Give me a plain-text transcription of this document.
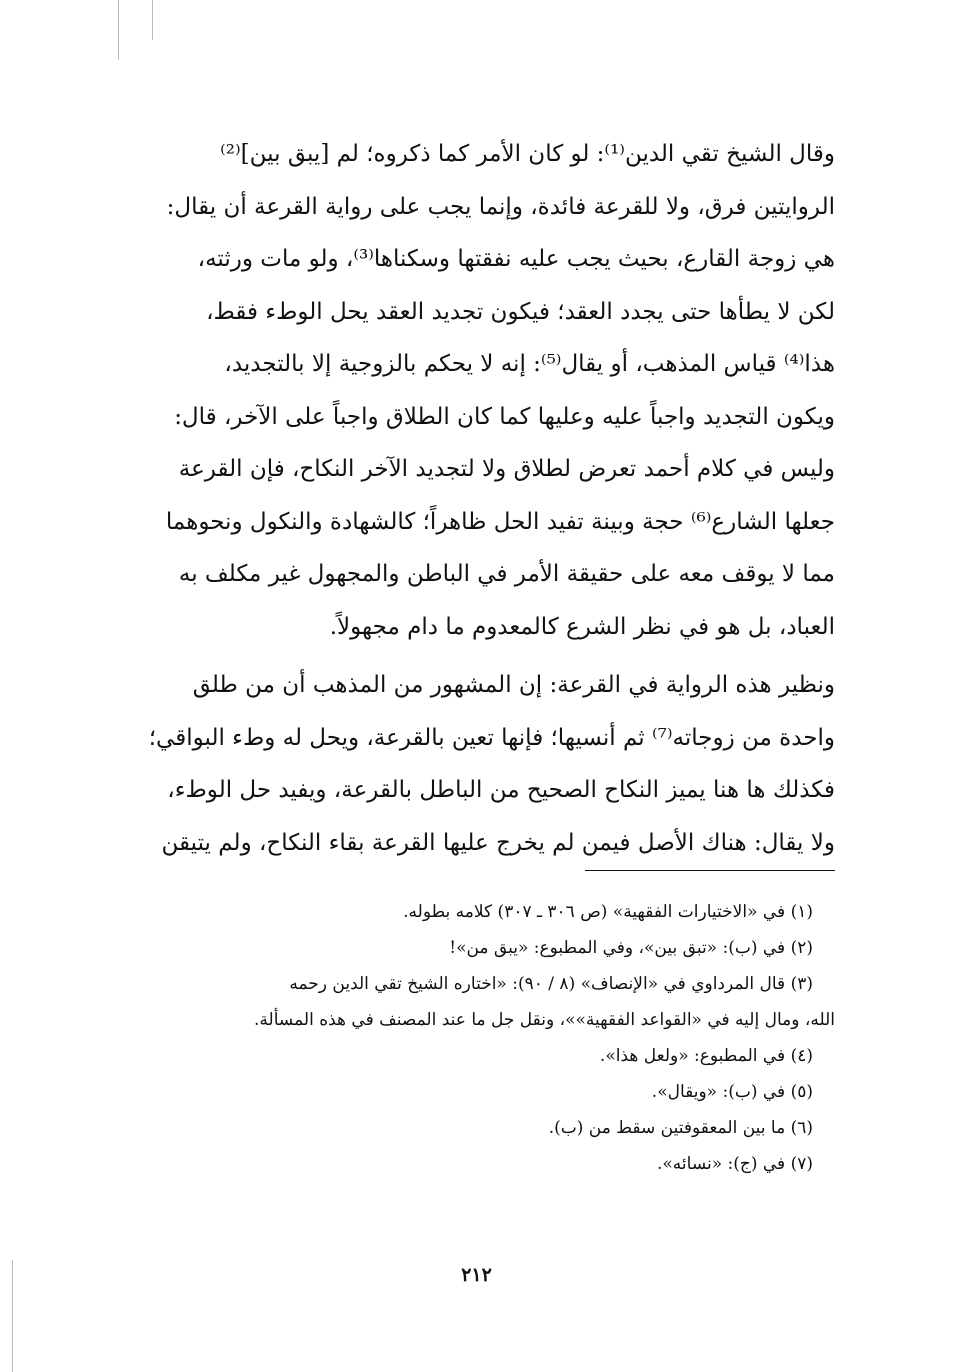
وقال الشيخ تقي الدين⁽¹⁾: لو كان الأمر كما ذكروه؛ لم [يبق بين]⁽²⁾
الروايتين فرق، ولا للقرعة فائدة، وإنما يجب على رواية القرعة أن يقال:
هي زوجة القارع، بحيث يجب عليه نفقتها وسكناها⁽³⁾، ولو مات ورثته،
لكن لا يطأها حتى يجدد العقد؛ فيكون تجديد العقد يحل الوطء فقط،
هذا⁽⁴⁾ قياس المذهب، أو يقال⁽⁵⁾: إنه لا يحكم بالزوجية إلا بالتجديد،
ويكون التجديد واجباً عليه وعليها كما كان الطلاق واجباً على الآخر، قال:
وليس في كلام أحمد تعرض لطلاق ولا لتجديد الآخر النكاح، فإن القرعة
جعلها الشارع⁽⁶⁾ حجة وبينة تفيد الحل ظاهراً؛ كالشهادة والنكول ونحوهما
مما لا يوقف معه على حقيقة الأمر في الباطن والمجهول غير مكلف به
العباد، بل هو في نظر الشرع كالمعدوم ما دام مجهولاً.
ونظير هذه الرواية في القرعة: إن المشهور من المذهب أن من طلق
واحدة من زوجاته⁽⁷⁾ ثم أنسيها؛ فإنها تعين بالقرعة، ويحل له وطء البواقي؛
فكذلك ها هنا يميز النكاح الصحيح من الباطل بالقرعة، ويفيد حل الوطء،
ولا يقال: هناك الأصل فيمن لم يخرج عليها القرعة بقاء النكاح، ولم يتيقن
(١) في «الاختيارات الفقهية» (ص ٣٠٦ ـ ٣٠٧) كلامه بطوله.
(٢) في (ب): «تبق بين»، وفي المطبوع: «يبق من»!
(٣) قال المرداوي في «الإنصاف» (٨ / ٩٠): «اختاره الشيخ تقي الدين رحمه
الله، ومال إليه في «القواعد الفقهية»»، ونقل جل ما عند المصنف في هذه المسألة.
(٤) في المطبوع: «ولعل هذا».
(٥) في (ب): «ويقال».
(٦) ما بين المعقوفتين سقط من (ب).
(٧) في (ج): «نسائه».
٢١٢
